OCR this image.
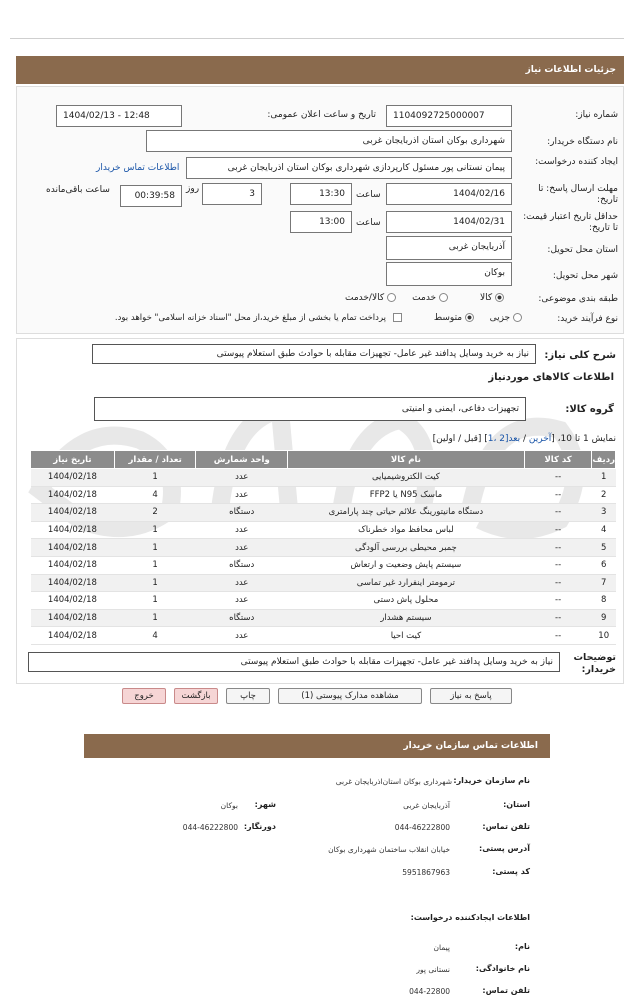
جزئیات اطلاعات نیاز
شماره نیاز:
1104092725000007
تاریخ و ساعت اعلان عمومی:
1404/02/13 - 12:48
نام دستگاه خریدار:
شهرداری بوکان استان اذربایجان غربی
ایجاد کننده درخواست:
پیمان نستانی پور مسئول کارپردازی شهرداری بوکان استان اذربایجان غربی
اطلاعات تماس خریدار
مهلت ارسال پاسخ: تا تاریخ:
1404/02/16
ساعت
13:30
3
روز
00:39:58
ساعت باقی‌مانده
حداقل تاریخ اعتبار قیمت: تا تاریخ:
1404/02/31
ساعت
13:00
استان محل تحویل:
آذربایجان غربی
شهر محل تحویل:
بوکان
طبقه بندی موضوعی:
کالا
خدمت
کالا/خدمت
نوع فرآیند خرید:
جزیی
متوسط
پرداخت تمام یا بخشی از مبلغ خرید،از محل "اسناد خزانه اسلامی" خواهد بود.
شرح کلی نیاز:
نیاز به خرید وسایل پدافند غیر عامل- تجهیزات مقابله با حوادث طبق استعلام پیوستی
اطلاعات کالاهای موردنیاز
گروه کالا:
تجهیزات دفاعی، ایمنی و امنیتی
نمایش 1 تا 10، [آخرین / بعد[2 ،1] [قبل / اولین]
ردیف	کد کالا	نام کالا	واحد شمارش	تعداد / مقدار	تاریخ نیاز
1	--	کیت الکتروشیمیایی	عدد	1	1404/02/18
2	--	ماسک N95 یا FFP2	عدد	4	1404/02/18
3	--	دستگاه مانیتورینگ علائم حیاتی چند پارامتری	دستگاه	2	1404/02/18
4	--	لباس محافظ مواد خطرناک	عدد	1	1404/02/18
5	--	چمبر محیطی بررسی آلودگی	عدد	1	1404/02/18
6	--	سیستم پایش وضعیت و ارتعاش	دستگاه	1	1404/02/18
7	--	ترمومتر اینفرارد غیر تماسی	عدد	1	1404/02/18
8	--	محلول پاش دستی	عدد	1	1404/02/18
9	--	سیستم هشدار	دستگاه	1	1404/02/18
10	--	کیت احیا	عدد	4	1404/02/18
توضیحات خریدار:
نیاز به خرید وسایل پدافند غیر عامل- تجهیزات مقابله با حوادث طبق استعلام پیوستی
پاسخ به نیاز
مشاهده مدارک پیوستی (1)
چاپ
بازگشت
خروج
اطلاعات تماس سازمان خریدار
نام سازمان خریدار:
شهرداری بوکان استان‌اذربایجان غربی
استان:
آذربایجان غربی
شهر:
بوکان
تلفن تماس:
044-46222800
دورنگار:
044-46222800
آدرس پستی:
خیابان انقلاب ساختمان شهرداری بوکان
کد پستی:
5951867963
اطلاعات ایجادکننده درخواست:
نام:
پیمان
نام خانوادگی:
نستانی پور
تلفن تماس:
044-22800
